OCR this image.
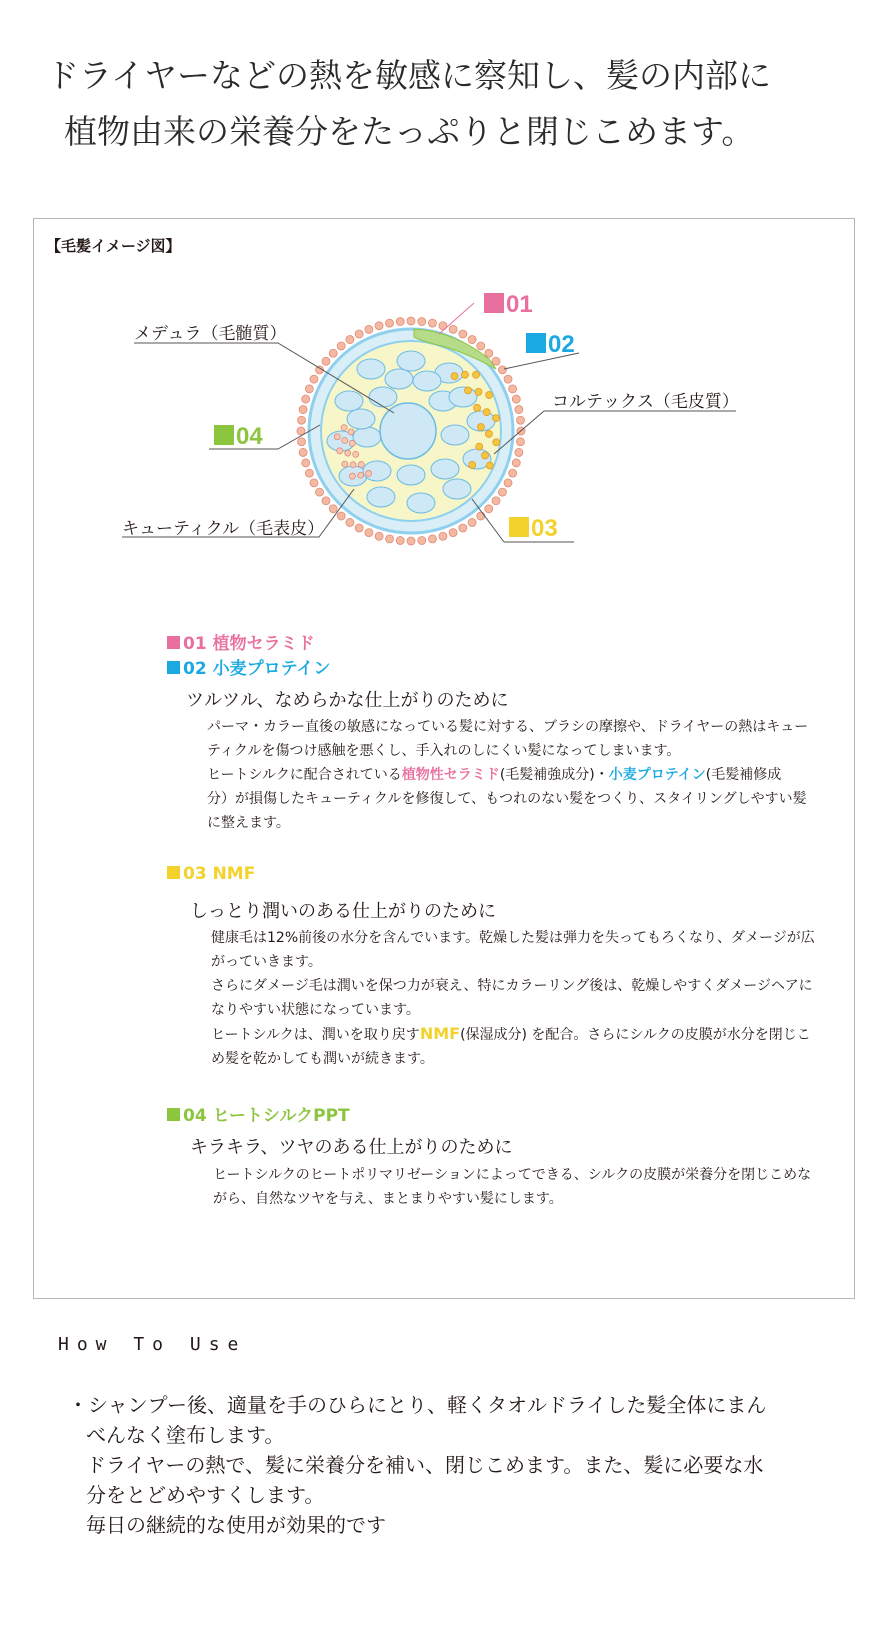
ドライヤーなどの熱を敏感に察知し、髪の内部に
植物由来の栄養分をたっぷりと閉じこめます。
【毛髪イメージ図】
メデュラ（毛髄質）
コルテックス（毛皮質）
キューティクル（毛表皮）
01
02
03
04
01 植物セラミド
02 小麦プロテイン
ツルツル、なめらかな仕上がりのために
パーマ・カラー直後の敏感になっている髪に対する、ブラシの摩擦や、ドライヤーの熱はキュー
ティクルを傷つけ感触を悪くし、手入れのしにくい髪になってしまいます。
ヒートシルクに配合されている植物性セラミド(毛髪補強成分)・小麦プロテイン(毛髪補修成
分）が損傷したキューティクルを修復して、もつれのない髪をつくり、スタイリングしやすい髪
に整えます。
03 NMF
しっとり潤いのある仕上がりのために
健康毛は12%前後の水分を含んでいます。乾燥した髪は弾力を失ってもろくなり、ダメージが広
がっていきます。
さらにダメージ毛は潤いを保つ力が衰え、特にカラーリング後は、乾燥しやすくダメージヘアに
なりやすい状態になっています。
ヒートシルクは、潤いを取り戻すNMF(保湿成分) を配合。さらにシルクの皮膜が水分を閉じこ
め髪を乾かしても潤いが続きます。
04 ヒートシルクPPT
キラキラ、ツヤのある仕上がりのために
ヒートシルクのヒートポリマリゼーションによってできる、シルクの皮膜が栄養分を閉じこめな
がら、自然なツヤを与え、まとまりやすい髪にします。
How To Use
・シャンプー後、適量を手のひらにとり、軽くタオルドライした髪全体にまん
べんなく塗布します。
ドライヤーの熱で、髪に栄養分を補い、閉じこめます。また、髪に必要な水
分をとどめやすくします。
毎日の継続的な使用が効果的です
